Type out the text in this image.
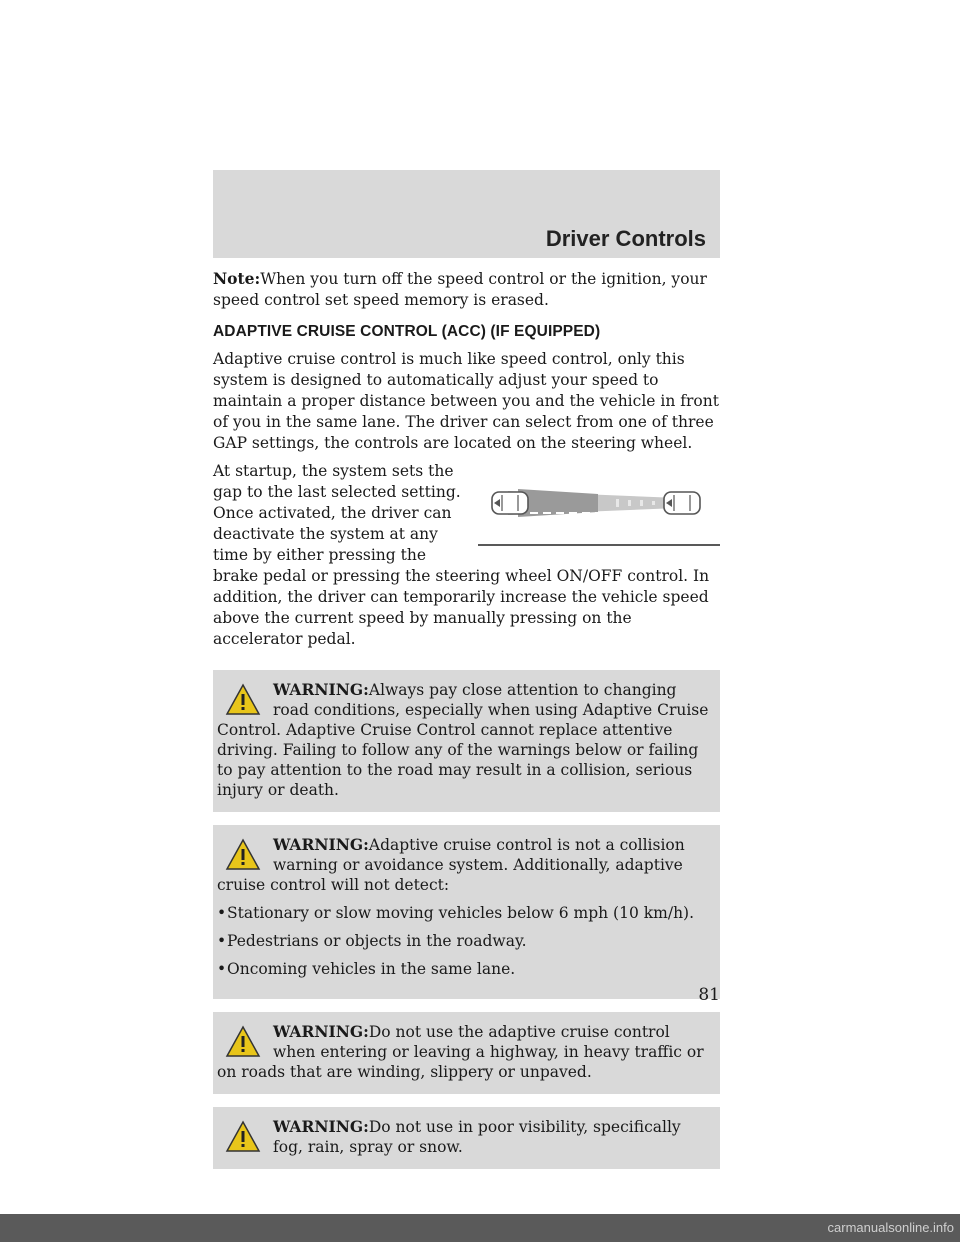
Driver Controls

Note:When you turn off the speed control or the ignition, your speed control set speed memory is erased.

ADAPTIVE CRUISE CONTROL (ACC) (IF EQUIPPED)

Adaptive cruise control is much like speed control, only this system is designed to automatically adjust your speed to maintain a proper distance between you and the vehicle in front of you in the same lane. The driver can select from one of three GAP settings, the controls are located on the steering wheel.

At startup, the system sets the gap to the last selected setting. Once activated, the driver can deactivate the system at any time by either pressing the brake pedal or pressing the steering wheel ON/OFF control. In addition, the driver can temporarily increase the vehicle speed above the current speed by manually pressing on the accelerator pedal.

WARNING:Always pay close attention to changing road conditions, especially when using Adaptive Cruise Control. Adaptive Cruise Control cannot replace attentive driving. Failing to follow any of the warnings below or failing to pay attention to the road may result in a collision, serious injury or death.

WARNING:Adaptive cruise control is not a collision warning or avoidance system. Additionally, adaptive cruise control will not detect:

• Stationary or slow moving vehicles below 6 mph (10 km/h).
• Pedestrians or objects in the roadway.
• Oncoming vehicles in the same lane.

WARNING:Do not use the adaptive cruise control when entering or leaving a highway, in heavy traffic or on roads that are winding, slippery or unpaved.

WARNING:Do not use in poor visibility, specifically fog, rain, spray or snow.

81
carmanualsonline.info
